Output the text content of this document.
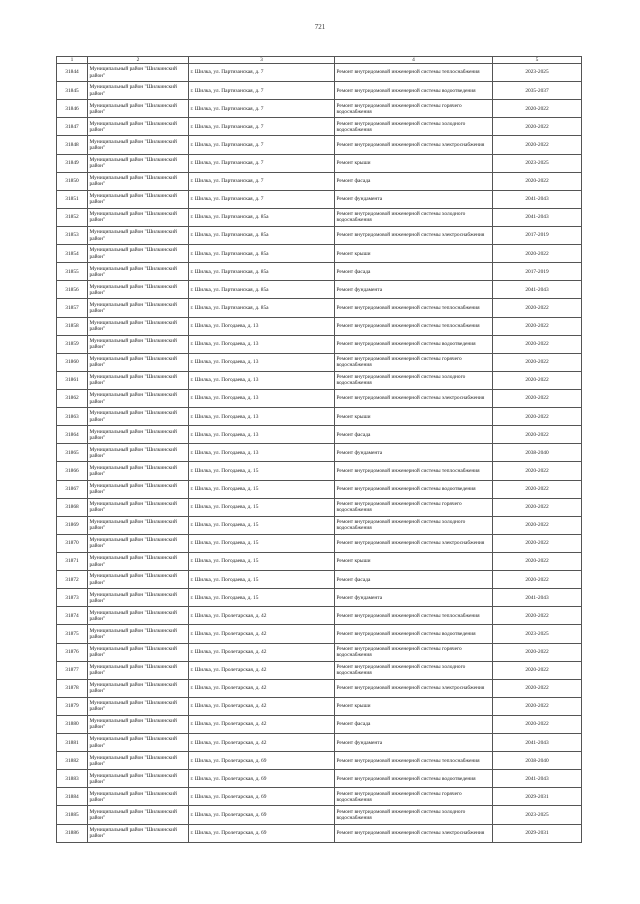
721
1	2	3	4	5
31844	Муниципальный район "Шилкинский район"	г. Шилка, ул. Партизанская, д. 7	Ремонт внутридомовой инженерной системы теплоснабжения	2023-2025
31845	Муниципальный район "Шилкинский район"	г. Шилка, ул. Партизанская, д. 7	Ремонт внутридомовой инженерной системы водоотведения	2035-2037
31846	Муниципальный район "Шилкинский район"	г. Шилка, ул. Партизанская, д. 7	Ремонт внутридомовой инженерной системы горячего водоснабжения	2020-2022
31847	Муниципальный район "Шилкинский район"	г. Шилка, ул. Партизанская, д. 7	Ремонт внутридомовой инженерной системы холодного водоснабжения	2020-2022
31848	Муниципальный район "Шилкинский район"	г. Шилка, ул. Партизанская, д. 7	Ремонт внутридомовой инженерной системы электроснабжения	2020-2022
31849	Муниципальный район "Шилкинский район"	г. Шилка, ул. Партизанская, д. 7	Ремонт крыши	2023-2025
31850	Муниципальный район "Шилкинский район"	г. Шилка, ул. Партизанская, д. 7	Ремонт фасада	2020-2022
31851	Муниципальный район "Шилкинский район"	г. Шилка, ул. Партизанская, д. 7	Ремонт фундамента	2041-2043
31852	Муниципальный район "Шилкинский район"	г. Шилка, ул. Партизанская, д. 85а	Ремонт внутридомовой инженерной системы холодного водоснабжения	2041-2043
31853	Муниципальный район "Шилкинский район"	г. Шилка, ул. Партизанская, д. 85а	Ремонт внутридомовой инженерной системы электроснабжения	2017-2019
31854	Муниципальный район "Шилкинский район"	г. Шилка, ул. Партизанская, д. 85а	Ремонт крыши	2020-2022
31855	Муниципальный район "Шилкинский район"	г. Шилка, ул. Партизанская, д. 85а	Ремонт фасада	2017-2019
31856	Муниципальный район "Шилкинский район"	г. Шилка, ул. Партизанская, д. 85а	Ремонт фундамента	2041-2043
31857	Муниципальный район "Шилкинский район"	г. Шилка, ул. Партизанская, д. 85а	Ремонт внутридомовой инженерной системы теплоснабжения	2020-2022
31858	Муниципальный район "Шилкинский район"	г. Шилка, ул. Погодаева, д. 13	Ремонт внутридомовой инженерной системы теплоснабжения	2020-2022
31859	Муниципальный район "Шилкинский район"	г. Шилка, ул. Погодаева, д. 13	Ремонт внутридомовой инженерной системы водоотведения	2020-2022
31860	Муниципальный район "Шилкинский район"	г. Шилка, ул. Погодаева, д. 13	Ремонт внутридомовой инженерной системы горячего водоснабжения	2020-2022
31861	Муниципальный район "Шилкинский район"	г. Шилка, ул. Погодаева, д. 13	Ремонт внутридомовой инженерной системы холодного водоснабжения	2020-2022
31862	Муниципальный район "Шилкинский район"	г. Шилка, ул. Погодаева, д. 13	Ремонт внутридомовой инженерной системы электроснабжения	2020-2022
31863	Муниципальный район "Шилкинский район"	г. Шилка, ул. Погодаева, д. 13	Ремонт крыши	2020-2022
31864	Муниципальный район "Шилкинский район"	г. Шилка, ул. Погодаева, д. 13	Ремонт фасада	2020-2022
31865	Муниципальный район "Шилкинский район"	г. Шилка, ул. Погодаева, д. 13	Ремонт фундамента	2038-2040
31866	Муниципальный район "Шилкинский район"	г. Шилка, ул. Погодаева, д. 15	Ремонт внутридомовой инженерной системы теплоснабжения	2020-2022
31867	Муниципальный район "Шилкинский район"	г. Шилка, ул. Погодаева, д. 15	Ремонт внутридомовой инженерной системы водоотведения	2020-2022
31868	Муниципальный район "Шилкинский район"	г. Шилка, ул. Погодаева, д. 15	Ремонт внутридомовой инженерной системы горячего водоснабжения	2020-2022
31869	Муниципальный район "Шилкинский район"	г. Шилка, ул. Погодаева, д. 15	Ремонт внутридомовой инженерной системы холодного водоснабжения	2020-2022
31870	Муниципальный район "Шилкинский район"	г. Шилка, ул. Погодаева, д. 15	Ремонт внутридомовой инженерной системы электроснабжения	2020-2022
31871	Муниципальный район "Шилкинский район"	г. Шилка, ул. Погодаева, д. 15	Ремонт крыши	2020-2022
31872	Муниципальный район "Шилкинский район"	г. Шилка, ул. Погодаева, д. 15	Ремонт фасада	2020-2022
31873	Муниципальный район "Шилкинский район"	г. Шилка, ул. Погодаева, д. 15	Ремонт фундамента	2041-2043
31874	Муниципальный район "Шилкинский район"	г. Шилка, ул. Пролетарская, д. 42	Ремонт внутридомовой инженерной системы теплоснабжения	2020-2022
31875	Муниципальный район "Шилкинский район"	г. Шилка, ул. Пролетарская, д. 42	Ремонт внутридомовой инженерной системы водоотведения	2023-2025
31876	Муниципальный район "Шилкинский район"	г. Шилка, ул. Пролетарская, д. 42	Ремонт внутридомовой инженерной системы горячего водоснабжения	2020-2022
31877	Муниципальный район "Шилкинский район"	г. Шилка, ул. Пролетарская, д. 42	Ремонт внутридомовой инженерной системы холодного водоснабжения	2020-2022
31878	Муниципальный район "Шилкинский район"	г. Шилка, ул. Пролетарская, д. 42	Ремонт внутридомовой инженерной системы электроснабжения	2020-2022
31879	Муниципальный район "Шилкинский район"	г. Шилка, ул. Пролетарская, д. 42	Ремонт крыши	2020-2022
31880	Муниципальный район "Шилкинский район"	г. Шилка, ул. Пролетарская, д. 42	Ремонт фасада	2020-2022
31881	Муниципальный район "Шилкинский район"	г. Шилка, ул. Пролетарская, д. 42	Ремонт фундамента	2041-2043
31882	Муниципальный район "Шилкинский район"	г. Шилка, ул. Пролетарская, д. 69	Ремонт внутридомовой инженерной системы теплоснабжения	2038-2040
31883	Муниципальный район "Шилкинский район"	г. Шилка, ул. Пролетарская, д. 69	Ремонт внутридомовой инженерной системы водоотведения	2041-2043
31884	Муниципальный район "Шилкинский район"	г. Шилка, ул. Пролетарская, д. 69	Ремонт внутридомовой инженерной системы горячего водоснабжения	2029-2031
31885	Муниципальный район "Шилкинский район"	г. Шилка, ул. Пролетарская, д. 69	Ремонт внутридомовой инженерной системы холодного водоснабжения	2023-2025
31886	Муниципальный район "Шилкинский район"	г. Шилка, ул. Пролетарская, д. 69	Ремонт внутридомовой инженерной системы электроснабжения	2029-2031
